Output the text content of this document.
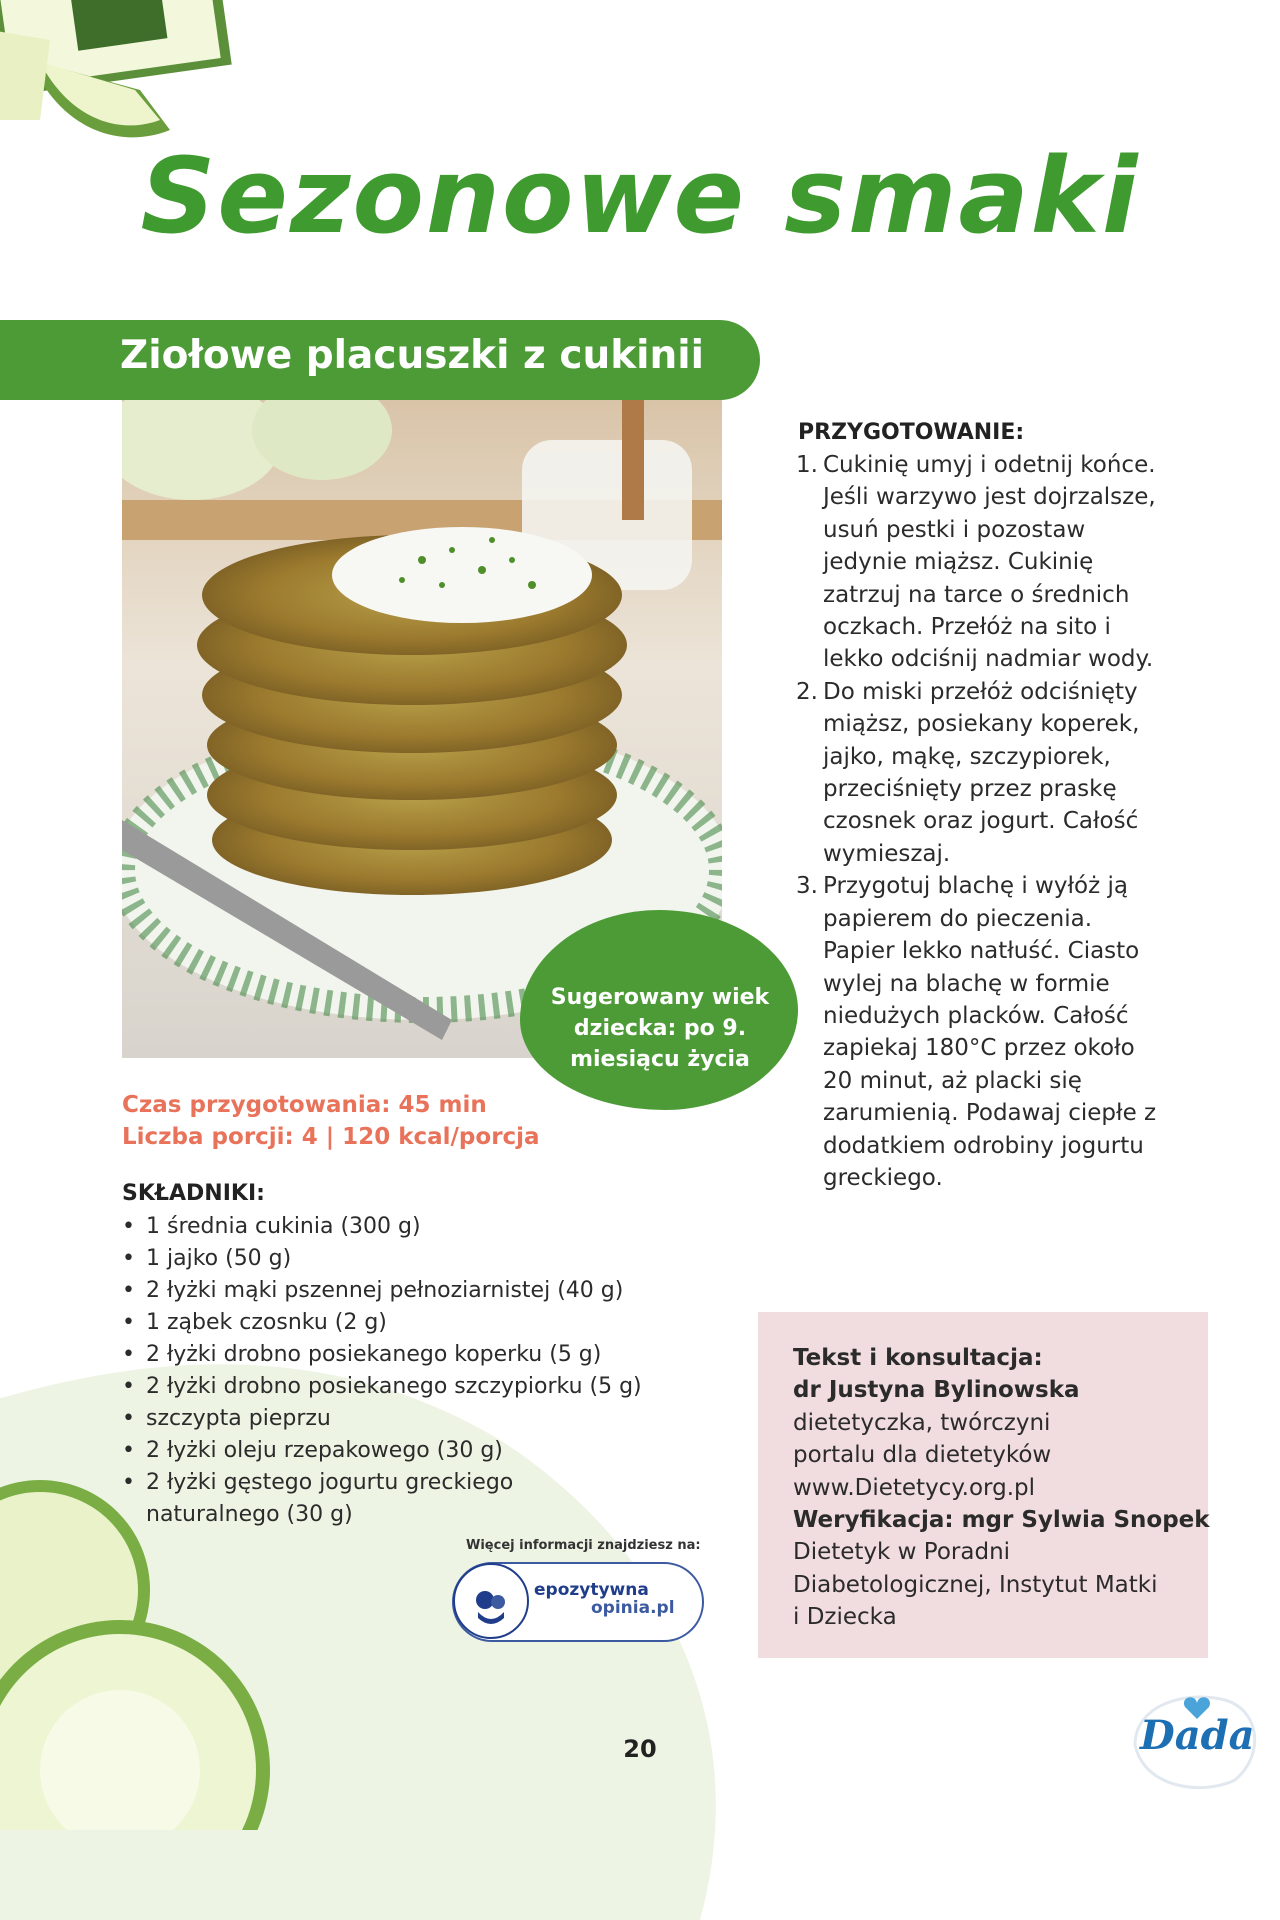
Sezonowe smaki
Ziołowe placuszki z cukinii
Sugerowany wiek
dziecka: po 9.
miesiącu życia
Czas przygotowania: 45 min
Liczba porcji: 4 | 120 kcal/porcja
SKŁADNIKI:
• 1 średnia cukinia (300 g)
• 1 jajko (50 g)
• 2 łyżki mąki pszennej pełnoziarnistej (40 g)
• 1 ząbek czosnku (2 g)
• 2 łyżki drobno posiekanego koperku (5 g)
• 2 łyżki drobno posiekanego szczypiorku (5 g)
• szczypta pieprzu
• 2 łyżki oleju rzepakowego (30 g)
• 2 łyżki gęstego jogurtu greckiego naturalnego (30 g)
PRZYGOTOWANIE:
1. Cukinię umyj i odetnij końce. Jeśli warzywo jest dojrzalsze, usuń pestki i pozostaw jedynie miąższ. Cukinię zatrzuj na tarce o średnich oczkach. Przełóż na sito i lekko odciśnij nadmiar wody.
2. Do miski przełóż odciśnięty miąższ, posiekany koperek, jajko, mąkę, szczypiorek, przeciśnięty przez praskę czosnek oraz jogurt. Całość wymieszaj.
3. Przygotuj blachę i wyłóż ją papierem do pieczenia. Papier lekko natłuść. Ciasto wylej na blachę w formie niedużych placków. Całość zapiekaj 180°C przez około 20 minut, aż placki się zarumienią. Podawaj ciepłe z dodatkiem odrobiny jogurtu greckiego.
Tekst i konsultacja:
dr Justyna Bylinowska
dietetyczka, twórczyni
portalu dla dietetyków
www.Dietetycy.org.pl
Weryfikacja: mgr Sylwia Snopek
Dietetyk w Poradni
Diabetologicznej, Instytut Matki
i Dziecka
Więcej informacji znajdziesz na:
epozytywna
opinia.pl
20	Dada
